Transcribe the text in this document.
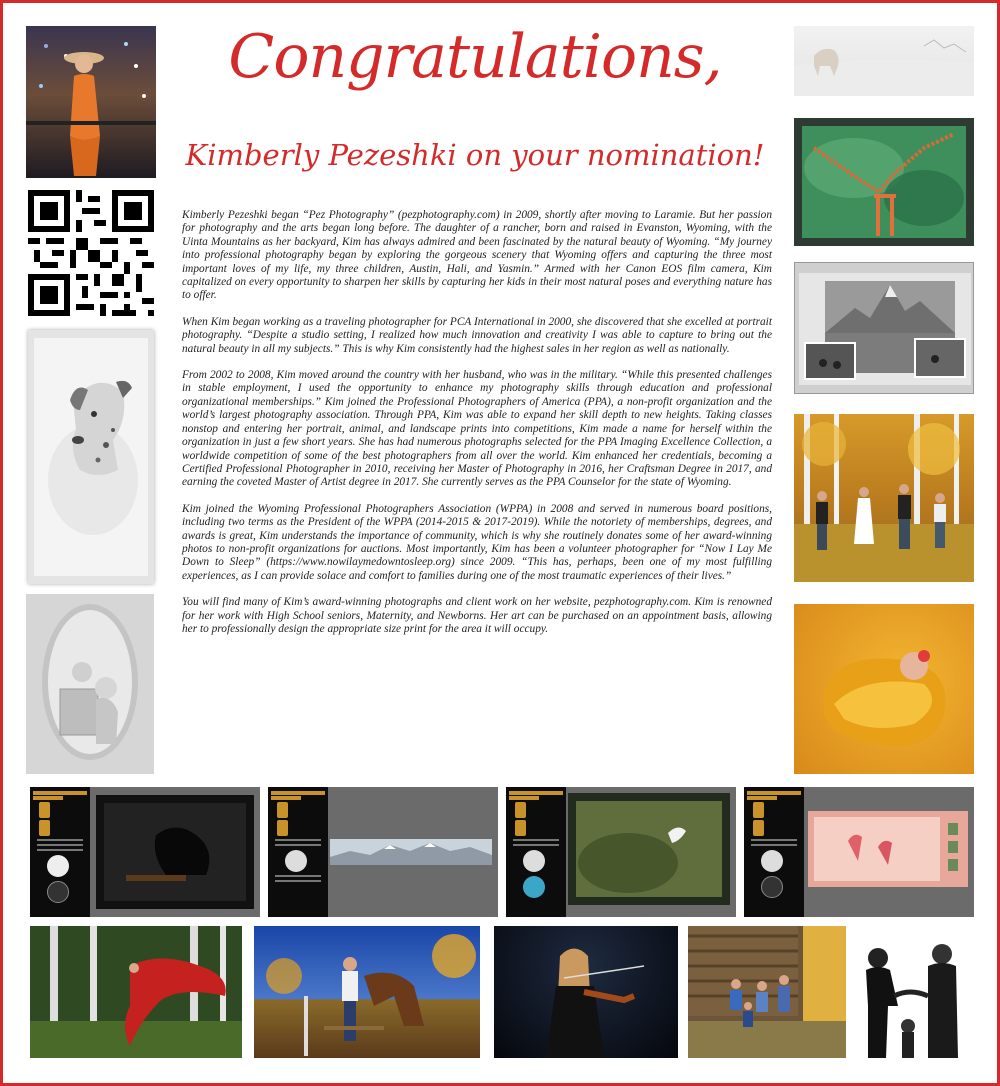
Congratulations,
Kimberly Pezeshki on your nomination!

Kimberly Pezeshki began “Pez Photography” (pezphotography.com) in 2009, shortly after moving to Laramie. But her passion for photography and the arts began long before. The daughter of a rancher, born and raised in Evanston, Wyoming, with the Uinta Mountains as her backyard, Kim has always admired and been fascinated by the natural beauty of Wyoming. “My journey into professional photography began by exploring the gorgeous scenery that Wyoming offers and capturing the three most important loves of my life, my three children, Austin, Hali, and Yasmin.” Armed with her Canon EOS film camera, Kim capitalized on every opportunity to sharpen her skills by capturing her kids in their most natural poses and everything nature has to offer.

When Kim began working as a traveling photographer for PCA International in 2000, she discovered that she excelled at portrait photography. “Despite a studio setting, I realized how much innovation and creativity I was able to capture to bring out the natural beauty in all my subjects.” This is why Kim consistently had the highest sales in her region as well as nationally.

From 2002 to 2008, Kim moved around the country with her husband, who was in the military. “While this presented challenges in stable employment, I used the opportunity to enhance my photography skills through education and professional organizational memberships.” Kim joined the Professional Photographers of America (PPA), a non-profit organization and the world’s largest photography association. Through PPA, Kim was able to expand her skill depth to new heights. Taking classes nonstop and entering her portrait, animal, and landscape prints into competitions, Kim made a name for herself within the organization in just a few short years. She has had numerous photographs selected for the PPA Imaging Excellence Collection, a worldwide competition of some of the best photographers from all over the world. Kim enhanced her credentials, becoming a Certified Professional Photographer in 2010, receiving her Master of Photography in 2016, her Craftsman Degree in 2017, and earning the coveted Master of Artist degree in 2017. She currently serves as the PPA Counselor for the state of Wyoming.

Kim joined the Wyoming Professional Photographers Association (WPPA) in 2008 and served in numerous board positions, including two terms as the President of the WPPA (2014-2015 & 2017-2019). While the notoriety of memberships, degrees, and awards is great, Kim understands the importance of community, which is why she routinely donates some of her award-winning photos to non-profit organizations for auctions. Most importantly, Kim has been a volunteer photographer for “Now I Lay Me Down to Sleep” (https://www.nowilaymedowntosleep.org) since 2009. “This has, perhaps, been one of my most fulfilling experiences, as I can provide solace and comfort to families during one of the most traumatic experiences of their lives.”

You will find many of Kim’s award-winning photographs and client work on her website, pezphotography.com. Kim is renowned for her work with High School seniors, Maternity, and Newborns. Her art can be purchased on an appointment basis, allowing her to professionally design the appropriate size print for the area it will occupy.
